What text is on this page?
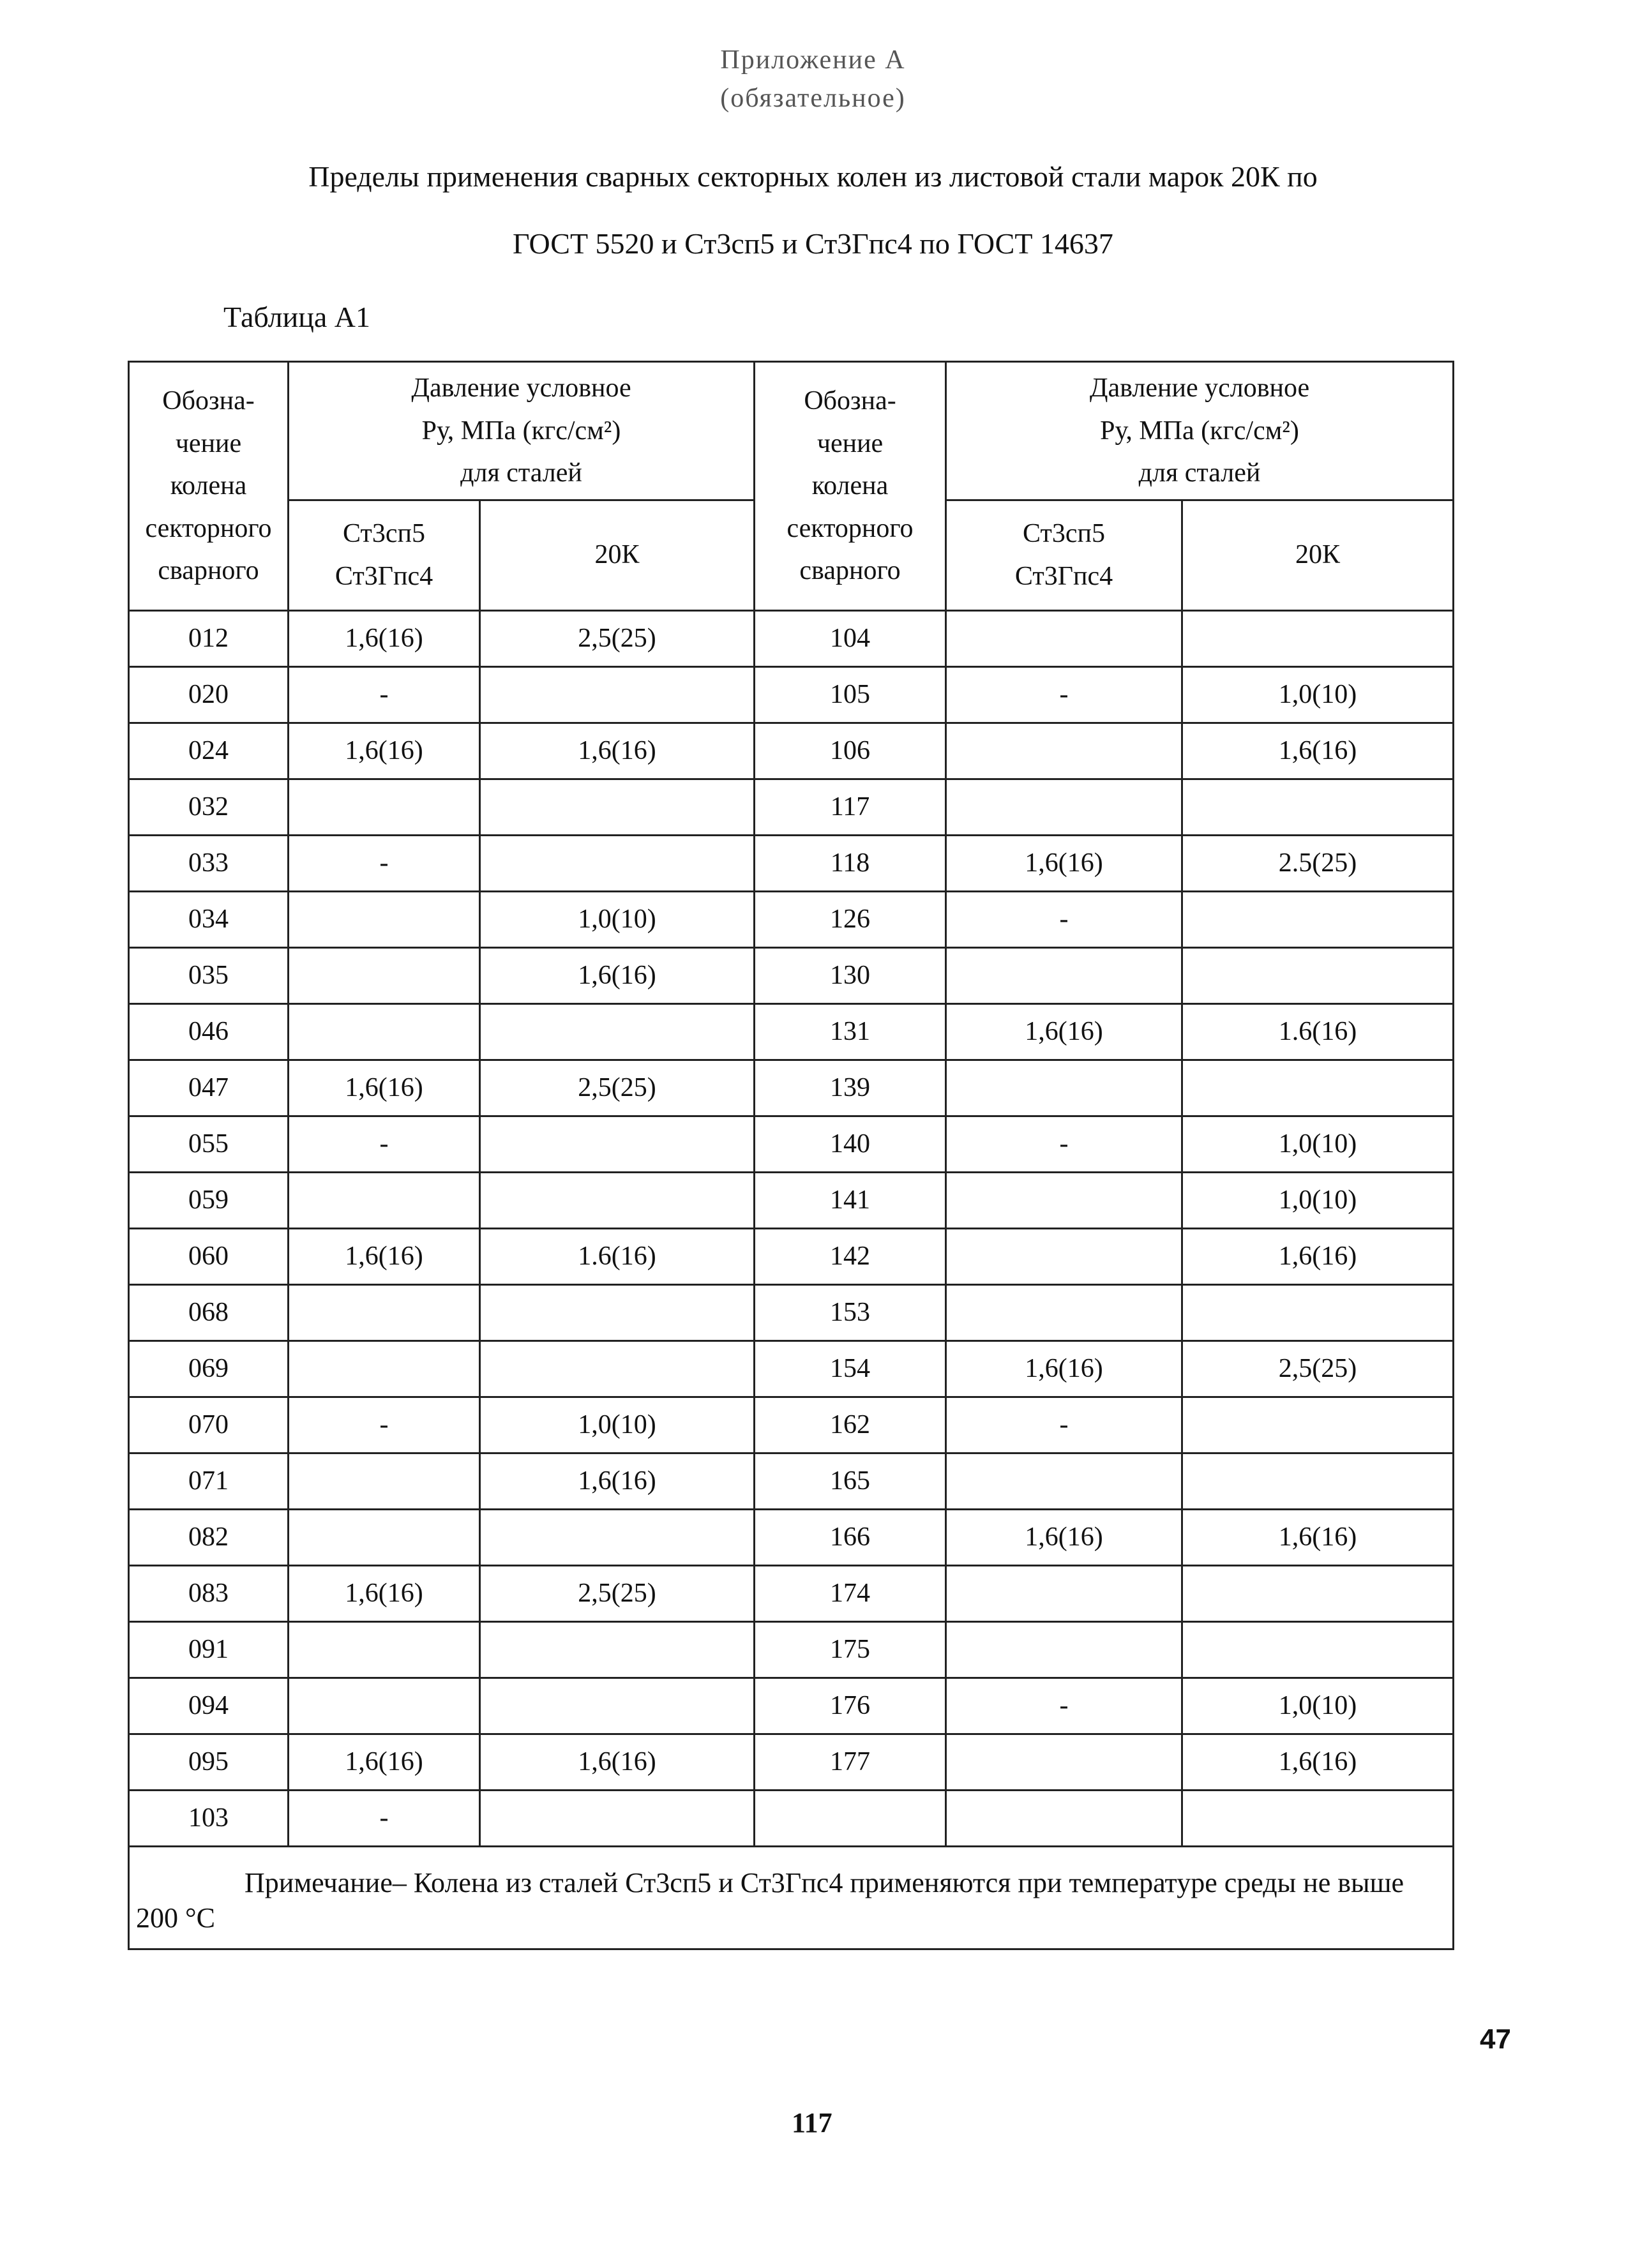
Приложение А
(обязательное)
Пределы применения сварных секторных колен из листовой стали марок 20К по
ГОСТ 5520 и Ст3сп5 и Ст3Гпс4 по ГОСТ 14637
Таблица А1
Обозна-
чение
колена
секторного
сварного	Давление условное
Ру, МПа (кгс/см²)
для сталей		Обозна-
чение
колена
секторного
сварного	Давление условное
Ру, МПа (кгс/см²)
для сталей	

	Ст3сп5
Ст3Гпс4	20К		Ст3сп5
Ст3Гпс4	20К
012	1,6(16)	2,5(25)	104		
020	-		105	-	1,0(10)
024	1,6(16)	1,6(16)	106		1,6(16)
032			117		
033	-		118	1,6(16)	2.5(25)
034		1,0(10)	126	-	
035		1,6(16)	130		
046			131	1,6(16)	1.6(16)
047	1,6(16)	2,5(25)	139		
055	-		140	-	1,0(10)
059			141		1,0(10)
060	1,6(16)	1.6(16)	142		1,6(16)
068			153		
069			154	1,6(16)	2,5(25)
070	-	1,0(10)	162	-	
071		1,6(16)	165		
082			166	1,6(16)	1,6(16)
083	1,6(16)	2,5(25)	174		
091			175		
094			176	-	1,0(10)
095	1,6(16)	1,6(16)	177		1,6(16)
103	-				
Примечание– Колена из сталей Ст3сп5 и Ст3Гпс4 применяются при температуре среды не выше 200 °С					
47
117
